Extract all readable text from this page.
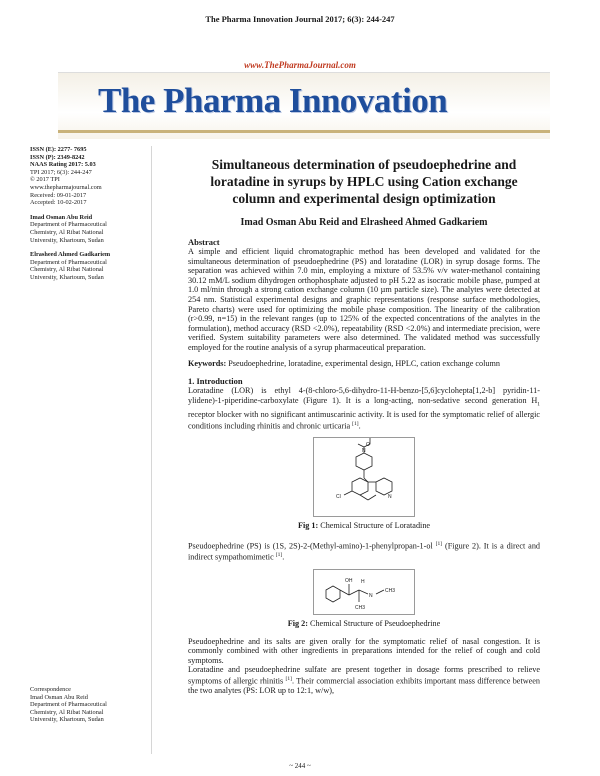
The Pharma Innovation Journal 2017; 6(3): 244-247
www.ThePharmaJournal.com
The Pharma Innovation
ISSN (E): 2277- 7695
ISSN (P): 2349-8242
NAAS Rating 2017: 5.03
TPI 2017; 6(3): 244-247
© 2017 TPI
www.thepharmajournal.com
Received: 09-01-2017
Accepted: 10-02-2017
Imad Osman Abu Reid
Department of Pharmaceutical
Chemistry, Al Ribat National
University, Khartoum, Sudan
Elrasheed Ahmed Gadkariem
Department of Pharmaceutical
Chemistry, Al Ribat National
University, Khartoum, Sudan
Correspondence
Imad Osman Abu Reid
Department of Pharmaceutical
Chemistry, Al Ribat National
University, Khartoum, Sudan
Simultaneous determination of pseudoephedrine and loratadine in syrups by HPLC using Cation exchange column and experimental design optimization
Imad Osman Abu Reid and Elrasheed Ahmed Gadkariem
Abstract
A simple and efficient liquid chromatographic method has been developed and validated for the simultaneous determination of pseudoephedrine (PS) and loratadine (LOR) in syrup dosage forms. The separation was achieved within 7.0 min, employing a mixture of 53.5% v/v water-methanol containing 30.12 mM/L sodium dihydrogen orthophosphate adjusted to pH 5.22 as isocratic mobile phase, pumped at 1.0 ml/min through a strong cation exchange column (10 µm particle size). The analytes were detected at 254 nm. Statistical experimental designs and graphic representations (response surface methodologies, Pareto charts) were used for optimizing the mobile phase composition. The linearity of the calibration (r>0.99, n=15) in the relevant ranges (up to 125% of the expected concentrations of the analytes in the formulation), method accuracy (RSD <2.0%), repeatability (RSD <2.0%) and intermediate precision, were verified. System suitability parameters were also determined. The validated method was successfully employed for the routine analysis of a syrup pharmaceutical preparation.
Keywords: Pseudoephedrine, loratadine, experimental design, HPLC, cation exchange column
1. Introduction
Loratadine (LOR) is ethyl 4-(8-chloro-5,6-dihydro-11-H-benzo-[5,6]cyclohepta[1,2-b] pyridin-11-ylidene)-1-piperidine-carboxylate (Figure 1). It is a long-acting, non-sedative second generation $H_1$ receptor blocker with no significant antimuscarinic activity. It is used for the symptomatic relief of allergic conditions including rhinitis and chronic urticaria [1].
O
N
N
Cl
Fig 1: Chemical Structure of Loratadine
Pseudoephedrine (PS) is (1S, 2S)-2-(Methyl-amino)-1-phenylpropan-1-ol [1] (Figure 2). It is a direct and indirect sympathomimetic [1].
OH H
N
CH3
CH3
Fig 2: Chemical Structure of Pseudoephedrine
Pseudoephedrine and its salts are given orally for the symptomatic relief of nasal congestion. It is commonly combined with other ingredients in preparations intended for the relief of cough and cold symptoms.
Loratadine and pseudoephedrine sulfate are present together in dosage forms prescribed to relieve symptoms of allergic rhinitis [1]. Their commercial association exhibits important mass difference between the two analytes (PS: LOR up to 12:1, w/w),
~ 244 ~
